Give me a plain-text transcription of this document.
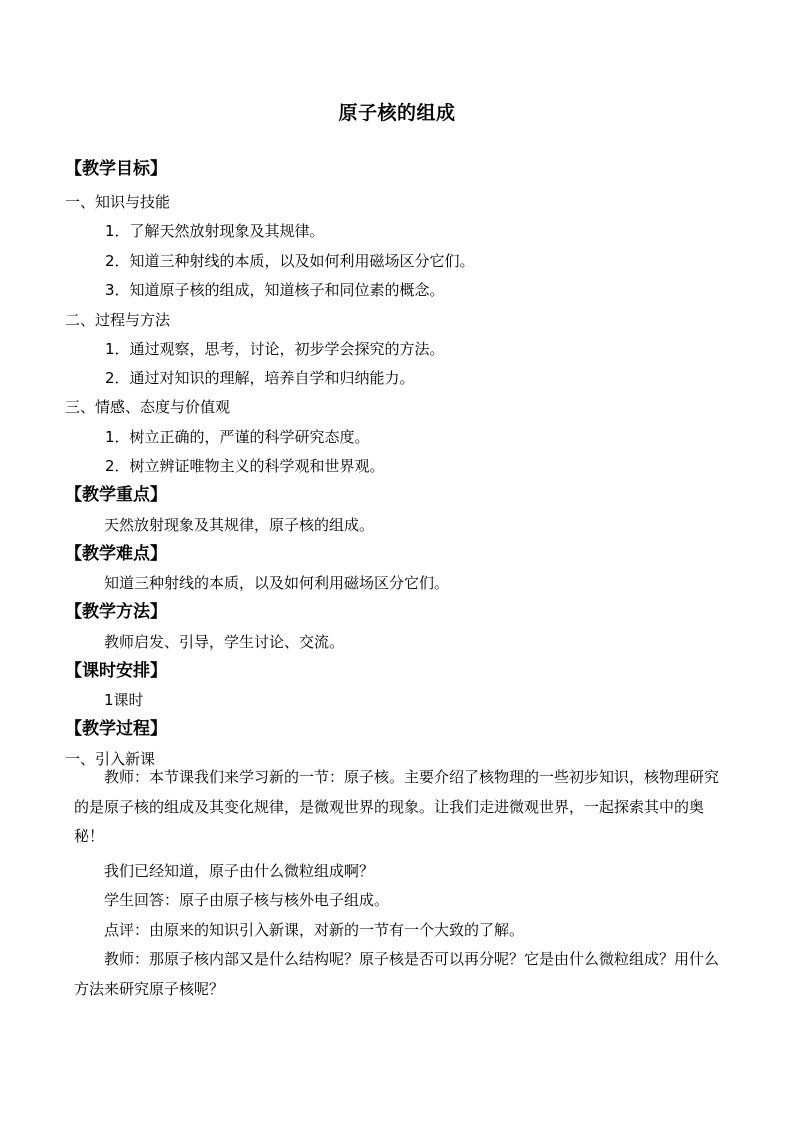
原子核的组成
【教学目标】
一、知识与技能
1．了解天然放射现象及其规律。
2．知道三种射线的本质，以及如何利用磁场区分它们。
3．知道原子核的组成，知道核子和同位素的概念。
二、过程与方法
1．通过观察，思考，讨论，初步学会探究的方法。
2．通过对知识的理解，培养自学和归纳能力。
三、情感、态度与价值观
1．树立正确的，严谨的科学研究态度。
2．树立辨证唯物主义的科学观和世界观。
【教学重点】
天然放射现象及其规律，原子核的组成。
【教学难点】
知道三种射线的本质，以及如何利用磁场区分它们。
【教学方法】
教师启发、引导，学生讨论、交流。
【课时安排】
1课时
【教学过程】
一、引入新课
教师：本节课我们来学习新的一节：原子核。主要介绍了核物理的一些初步知识，核物理研究的是原子核的组成及其变化规律，是微观世界的现象。让我们走进微观世界，一起探索其中的奥秘！
我们已经知道，原子由什么微粒组成啊？
学生回答：原子由原子核与核外电子组成。
点评：由原来的知识引入新课，对新的一节有一个大致的了解。
教师：那原子核内部又是什么结构呢？原子核是否可以再分呢？它是由什么微粒组成？用什么方法来研究原子核呢？
